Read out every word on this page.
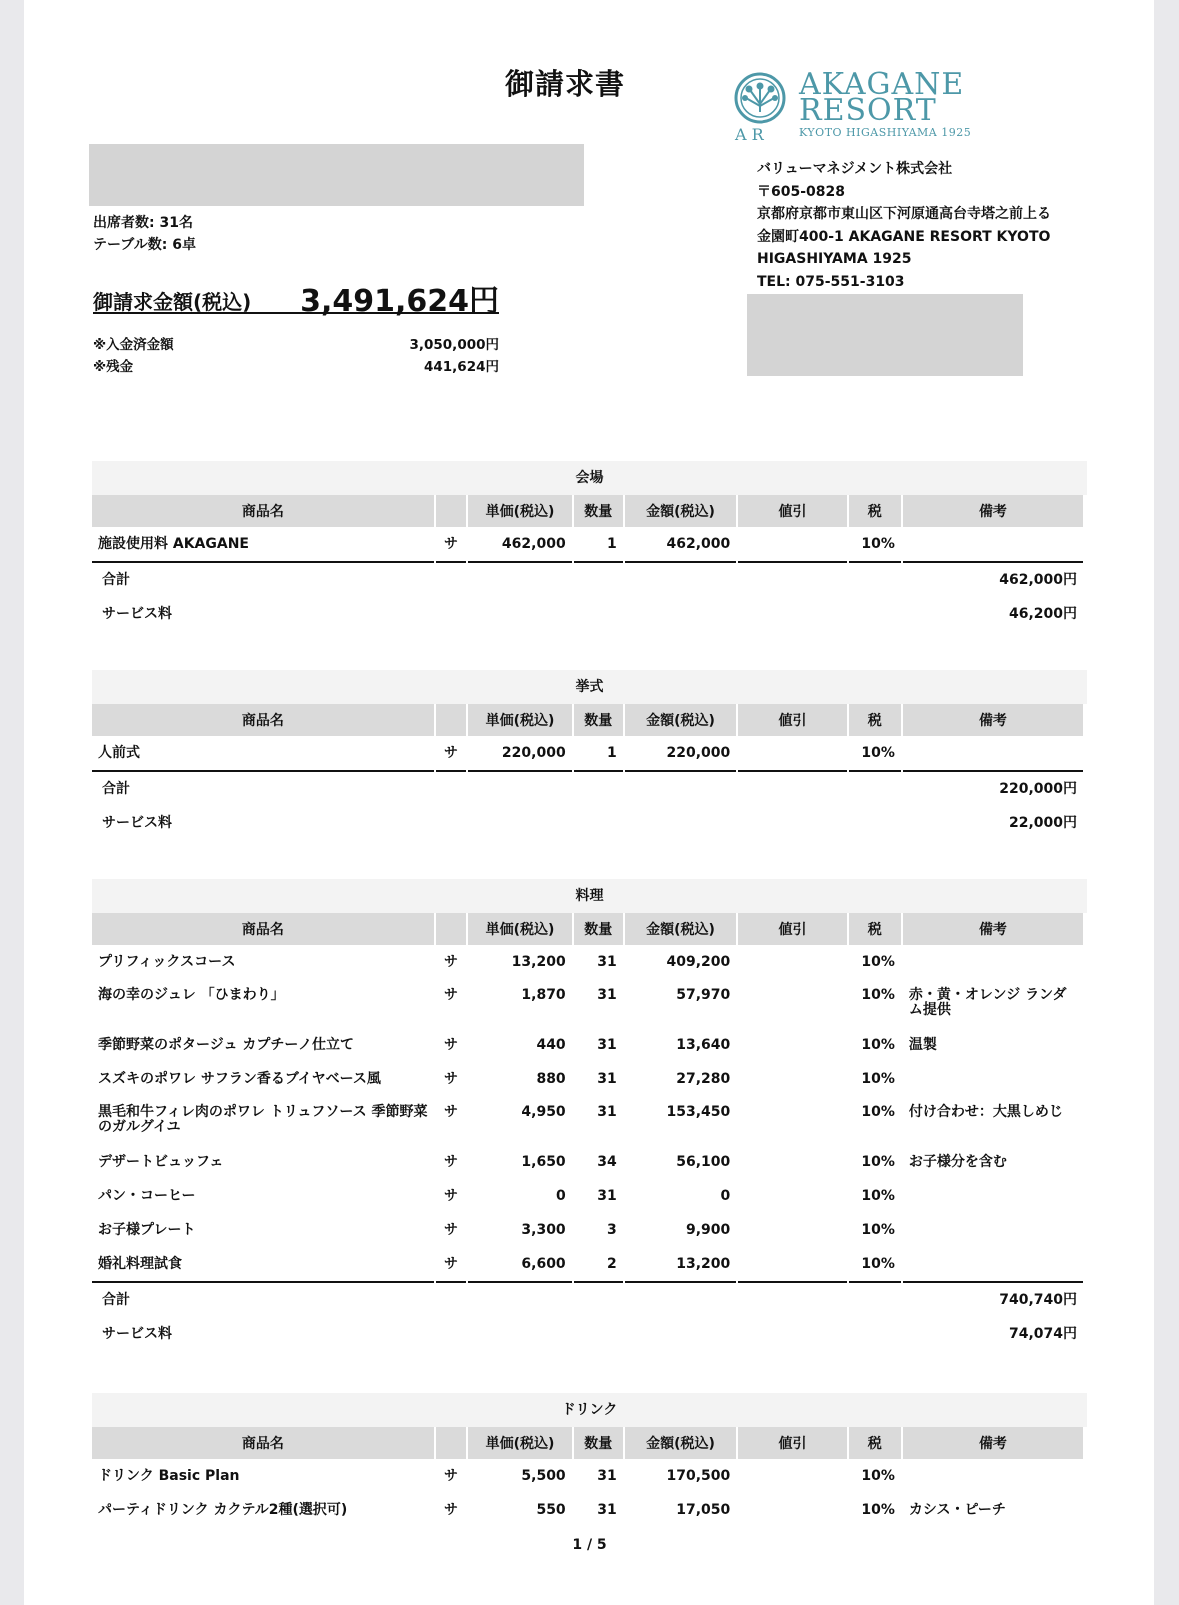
御請求書
A R
AKAGANE
RESORT
KYOTO HIGASHIYAMA 1925
バリューマネジメント株式会社
〒605-0828
京都府京都市東山区下河原通高台寺塔之前上る
金園町400-1 AKAGANE RESORT KYOTO
HIGASHIYAMA 1925
TEL: 075-551-3103
出席者数: 31名
テーブル数: 6卓
御請求金額(税込) 3,491,624円
※入金済金額	3,050,000円
※残金	441,624円
会場
商品名		単価(税込)	数量	金額(税込)	値引	税	備考
施設使用料 AKAGANE	サ	462,000	1	462,000		10%	
合計	462,000円
サービス料	46,200円
挙式
商品名		単価(税込)	数量	金額(税込)	値引	税	備考
人前式	サ	220,000	1	220,000		10%	
合計	220,000円
サービス料	22,000円
料理
商品名		単価(税込)	数量	金額(税込)	値引	税	備考
プリフィックスコース	サ	13,200	31	409,200		10%	
海の幸のジュレ 「ひまわり」	サ	1,870	31	57,970		10%	赤・黄・オレンジ ランダム提供
季節野菜のポタージュ カプチーノ仕立て	サ	440	31	13,640		10%	温製
スズキのポワレ サフラン香るブイヤベース風	サ	880	31	27,280		10%	
黒毛和牛フィレ肉のポワレ トリュフソース 季節野菜のガルグイユ	サ	4,950	31	153,450		10%	付け合わせ：大黒しめじ
デザートビュッフェ	サ	1,650	34	56,100		10%	お子様分を含む
パン・コーヒー	サ	0	31	0		10%	
お子様プレート	サ	3,300	3	9,900		10%	
婚礼料理試食	サ	6,600	2	13,200		10%	
合計	740,740円
サービス料	74,074円
ドリンク
商品名		単価(税込)	数量	金額(税込)	値引	税	備考
ドリンク Basic Plan	サ	5,500	31	170,500		10%	
パーティドリンク カクテル2種(選択可)	サ	550	31	17,050		10%	カシス・ピーチ
1 / 5
